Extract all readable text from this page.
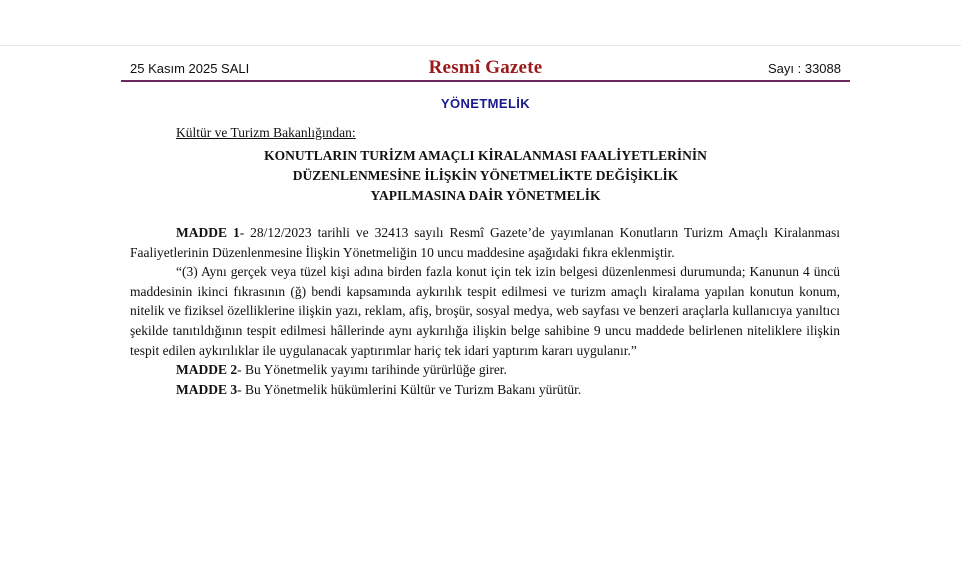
25 Kasım 2025 SALI	Resmî Gazete	Sayı : 33088
YÖNETMELİK
Kültür ve Turizm Bakanlığından:
KONUTLARIN TURİZM AMAÇLI KİRALANMASI FAALİYETLERİNİN
DÜZENLENMESİNE İLİŞKİN YÖNETMELİKTE DEĞİŞİKLİK
YAPILMASINA DAİR YÖNETMELİK

MADDE 1- 28/12/2023 tarihli ve 32413 sayılı Resmî Gazete’de yayımlanan Konutların Turizm Amaçlı Kiralanması Faaliyetlerinin Düzenlenmesine İlişkin Yönetmeliğin 10 uncu maddesine aşağıdaki fıkra eklenmiştir.

“(3) Aynı gerçek veya tüzel kişi adına birden fazla konut için tek izin belgesi düzenlenmesi durumunda; Kanunun 4 üncü maddesinin ikinci fıkrasının (ğ) bendi kapsamında aykırılık tespit edilmesi ve turizm amaçlı kiralama yapılan konutun konum, nitelik ve fiziksel özelliklerine ilişkin yazı, reklam, afiş, broşür, sosyal medya, web sayfası ve benzeri araçlarla kullanıcıya yanıltıcı şekilde tanıtıldığının tespit edilmesi hâllerinde aynı aykırılığa ilişkin belge sahibine 9 uncu maddede belirlenen niteliklere ilişkin tespit edilen aykırılıklar ile uygulanacak yaptırımlar hariç tek idari yaptırım kararı uygulanır.”

MADDE 2- Bu Yönetmelik yayımı tarihinde yürürlüğe girer.

MADDE 3- Bu Yönetmelik hükümlerini Kültür ve Turizm Bakanı yürütür.
